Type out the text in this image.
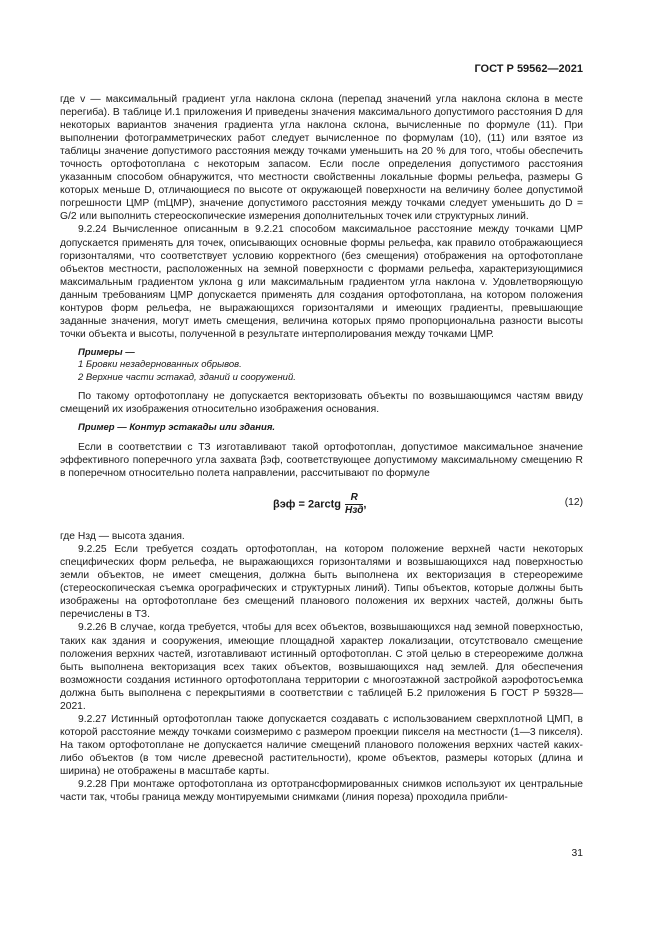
ГОСТ Р 59562—2021

где v — максимальный градиент угла наклона склона (перепад значений угла наклона склона в месте перегиба). В таблице И.1 приложения И приведены значения максимального допустимого расстояния D для некоторых вариантов значения градиента угла наклона склона, вычисленные по формуле (11). При выполнении фотограмметрических работ следует вычисленное по формулам (10), (11) или взятое из таблицы значение допустимого расстояния между точками уменьшить на 20 % для того, чтобы обеспечить точность ортофотоплана с некоторым запасом. Если после определения допустимого расстояния указанным способом обнаружится, что местности свойственны локальные формы рельефа, размеры G которых меньше D, отличающиеся по высоте от окружающей поверхности на величину более допустимой погрешности ЦМР (mЦМР), значение допустимого расстояния между точками следует уменьшить до D = G/2 или выполнить стереоскопические измерения дополнительных точек или структурных линий.

9.2.24 Вычисленное описанным в 9.2.21 способом максимальное расстояние между точками ЦМР допускается применять для точек, описывающих основные формы рельефа, как правило отображающиеся горизонталями, что соответствует условию корректного (без смещения) отображения на ортофотоплане объектов местности, расположенных на земной поверхности с формами рельефа, характеризующимися максимальным градиентом уклона g или максимальным градиентом угла наклона v. Удовлетворяющую данным требованиям ЦМР допускается применять для создания ортофотоплана, на котором положения контуров форм рельефа, не выражающихся горизонталями и имеющих градиенты, превышающие заданные значения, могут иметь смещения, величина которых прямо пропорциональна разности высоты точки объекта и высоты, полученной в результате интерполирования между точками ЦМР.

Примеры —

1 Бровки незадернованных обрывов.

2 Верхние части эстакад, зданий и сооружений.

По такому ортофотоплану не допускается векторизовать объекты по возвышающимся частям ввиду смещений их изображения относительно изображения основания.

Пример — Контур эстакады или здания.

Если в соответствии с ТЗ изготавливают такой ортофотоплан, допустимое максимальное значение эффективного поперечного угла захвата βэф, соответствующее допустимому максимальному смещению R в поперечном относительно полета направлении, рассчитывают по формуле

βэф = 2arctg $\frac{R}{\text{Hзд}}$ ,	(12)

где Hзд — высота здания.

9.2.25 Если требуется создать ортофотоплан, на котором положение верхней части некоторых специфических форм рельефа, не выражающихся горизонталями и возвышающихся над поверхностью земли объектов, не имеет смещения, должна быть выполнена их векторизация в стереорежиме (стереоскопическая съемка орографических и структурных линий). Типы объектов, которые должны быть изображены на ортофотоплане без смещений планового положения их верхних частей, должны быть перечислены в ТЗ.

9.2.26 В случае, когда требуется, чтобы для всех объектов, возвышающихся над земной поверхностью, таких как здания и сооружения, имеющие площадной характер локализации, отсутствовало смещение положения верхних частей, изготавливают истинный ортофотоплан. С этой целью в стереорежиме должна быть выполнена векторизация всех таких объектов, возвышающихся над землей. Для обеспечения возможности создания истинного ортофотоплана территории с многоэтажной застройкой аэрофотосъемка должна быть выполнена с перекрытиями в соответствии с таблицей Б.2 приложения Б ГОСТ Р 59328—2021.

9.2.27 Истинный ортофотоплан также допускается создавать с использованием сверхплотной ЦМП, в которой расстояние между точками соизмеримо с размером проекции пикселя на местности (1—3 пикселя). На таком ортофотоплане не допускается наличие смещений планового положения верхних частей каких-либо объектов (в том числе древесной растительности), кроме объектов, размеры которых (длина и ширина) не отображены в масштабе карты.

9.2.28 При монтаже ортофотоплана из ортотрансформированных снимков используют их центральные части так, чтобы граница между монтируемыми снимками (линия пореза) проходила прибли-

31
